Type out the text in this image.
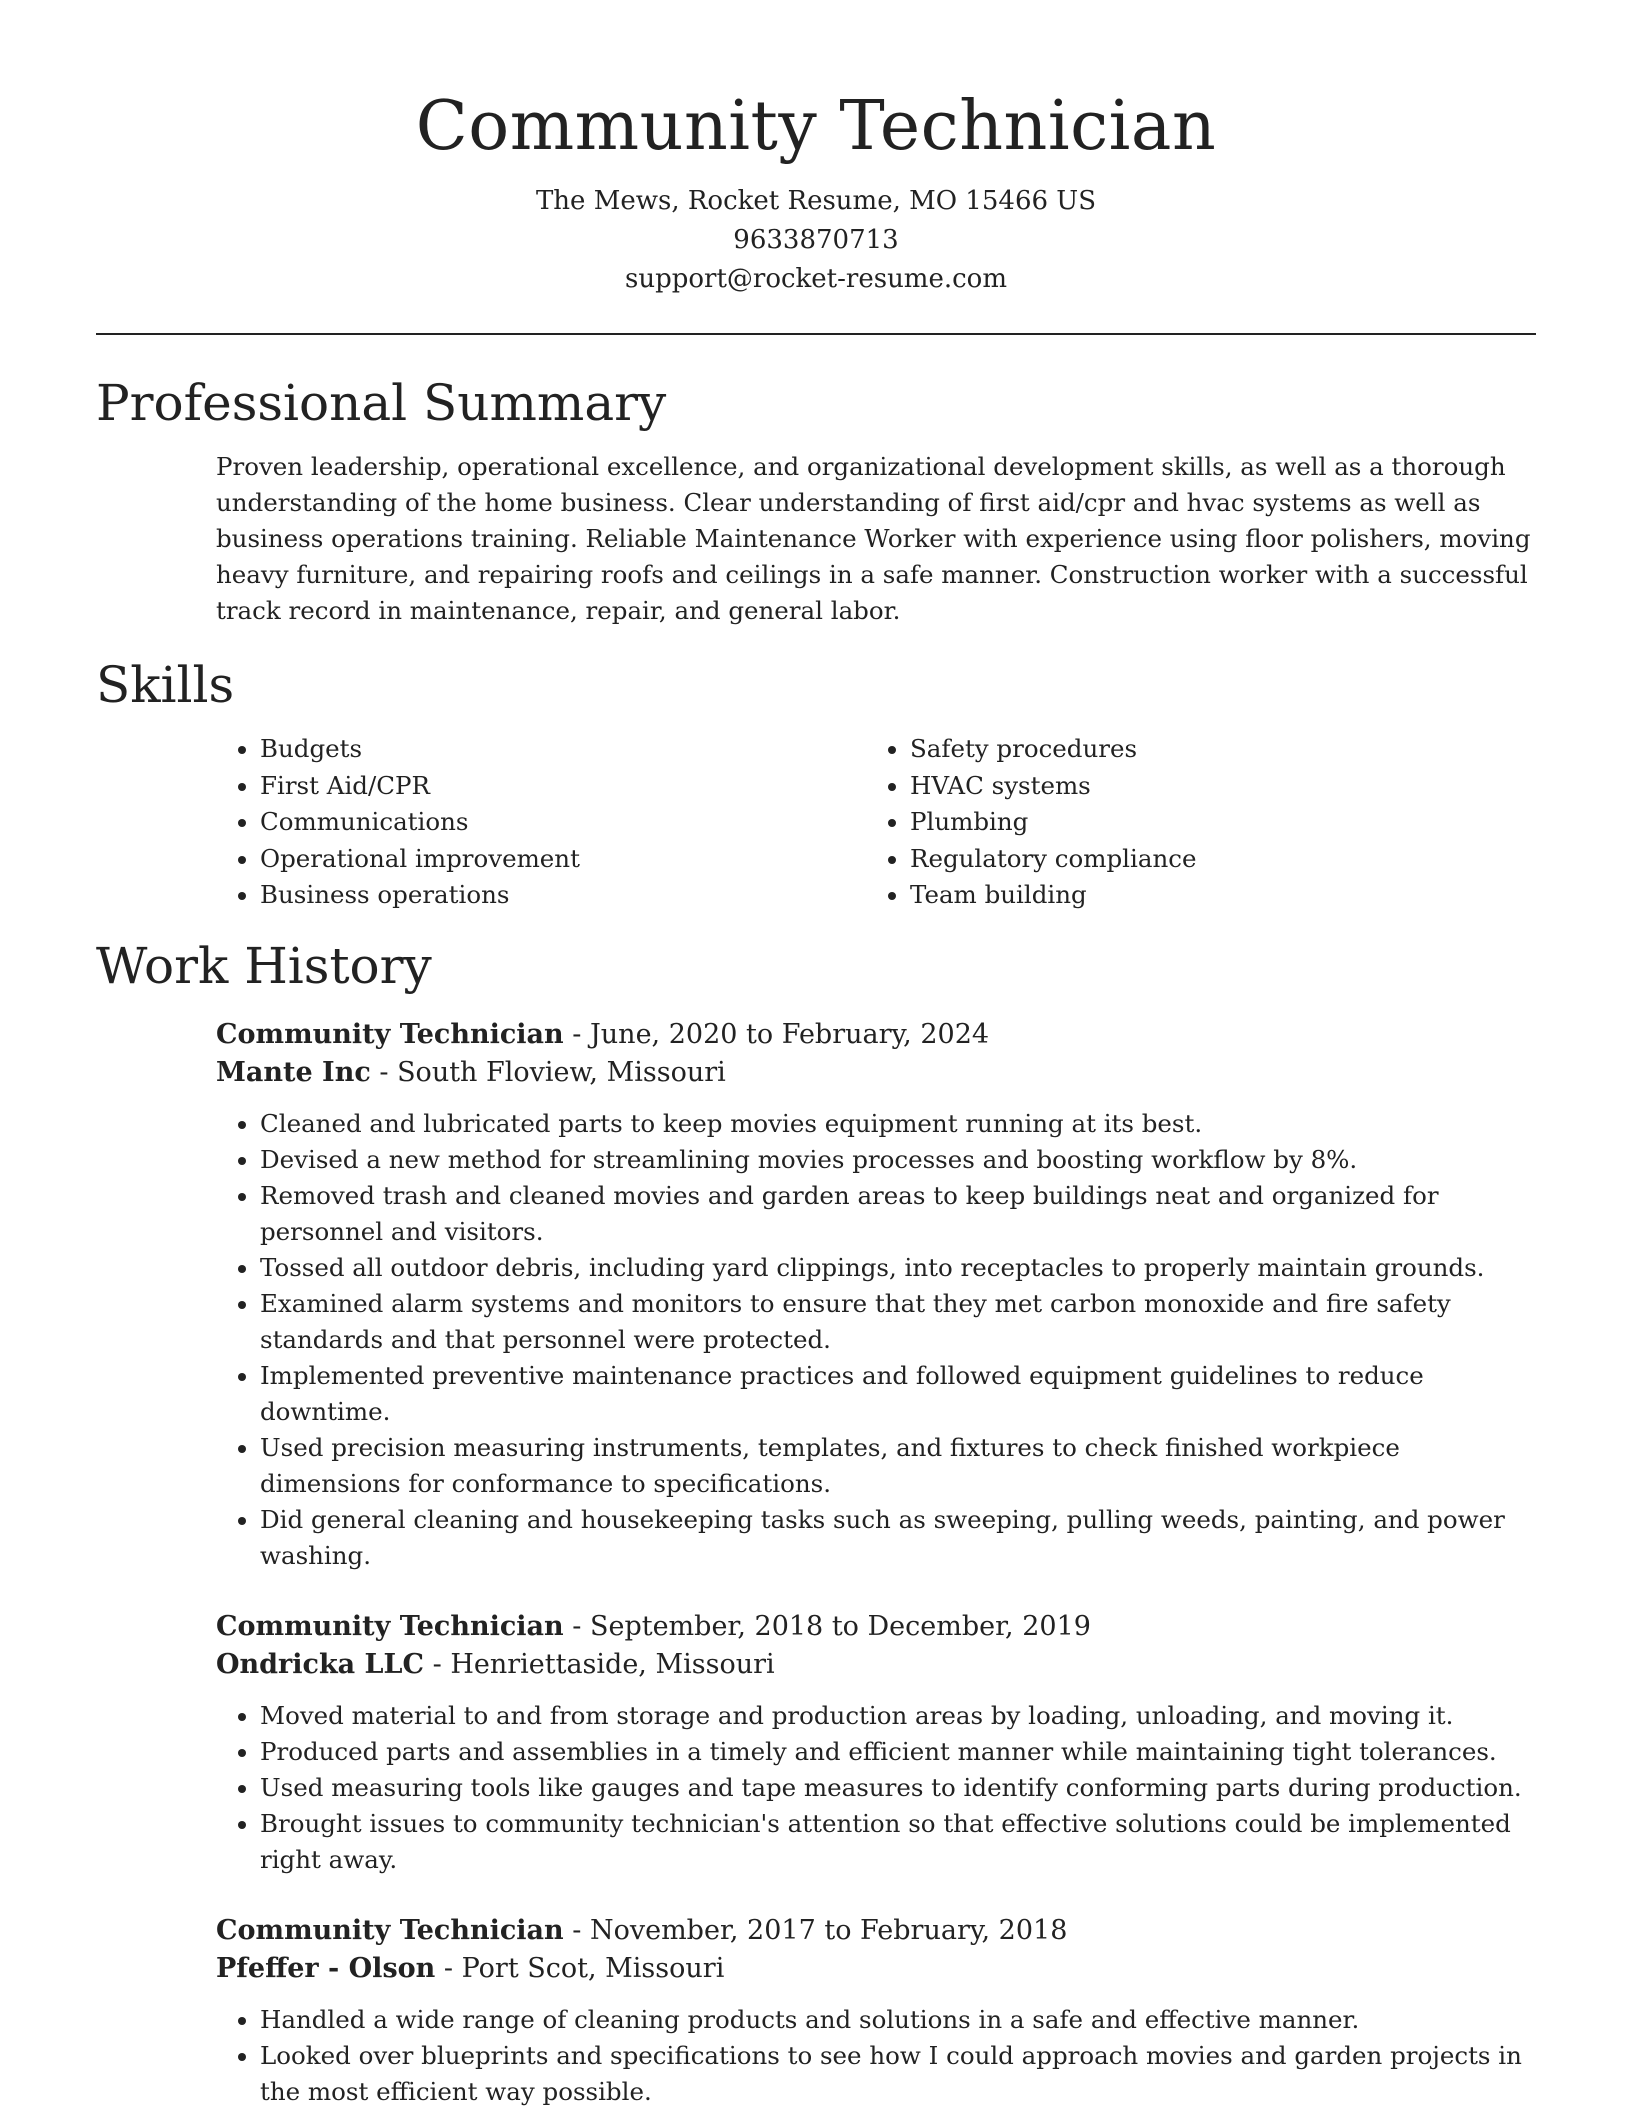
Community Technician
The Mews, Rocket Resume, MO 15466 US
9633870713
support@rocket-resume.com
Professional Summary
Proven leadership, operational excellence, and organizational development skills, as well as a thorough understanding of the home business. Clear understanding of first aid/cpr and hvac systems as well as business operations training. Reliable Maintenance Worker with experience using floor polishers, moving heavy furniture, and repairing roofs and ceilings in a safe manner. Construction worker with a successful track record in maintenance, repair, and general labor.
Skills
• Budgets
• First Aid/CPR
• Communications
• Operational improvement
• Business operations
• Safety procedures
• HVAC systems
• Plumbing
• Regulatory compliance
• Team building
Work History
Community Technician - June, 2020 to February, 2024
Mante Inc - South Floview, Missouri
• Cleaned and lubricated parts to keep movies equipment running at its best.
• Devised a new method for streamlining movies processes and boosting workflow by 8%.
• Removed trash and cleaned movies and garden areas to keep buildings neat and organized for personnel and visitors.
• Tossed all outdoor debris, including yard clippings, into receptacles to properly maintain grounds.
• Examined alarm systems and monitors to ensure that they met carbon monoxide and fire safety standards and that personnel were protected.
• Implemented preventive maintenance practices and followed equipment guidelines to reduce downtime.
• Used precision measuring instruments, templates, and fixtures to check finished workpiece dimensions for conformance to specifications.
• Did general cleaning and housekeeping tasks such as sweeping, pulling weeds, painting, and power washing.
Community Technician - September, 2018 to December, 2019
Ondricka LLC - Henriettaside, Missouri
• Moved material to and from storage and production areas by loading, unloading, and moving it.
• Produced parts and assemblies in a timely and efficient manner while maintaining tight tolerances.
• Used measuring tools like gauges and tape measures to identify conforming parts during production.
• Brought issues to community technician's attention so that effective solutions could be implemented right away.
Community Technician - November, 2017 to February, 2018
Pfeffer - Olson - Port Scot, Missouri
• Handled a wide range of cleaning products and solutions in a safe and effective manner.
• Looked over blueprints and specifications to see how I could approach movies and garden projects in the most efficient way possible.
